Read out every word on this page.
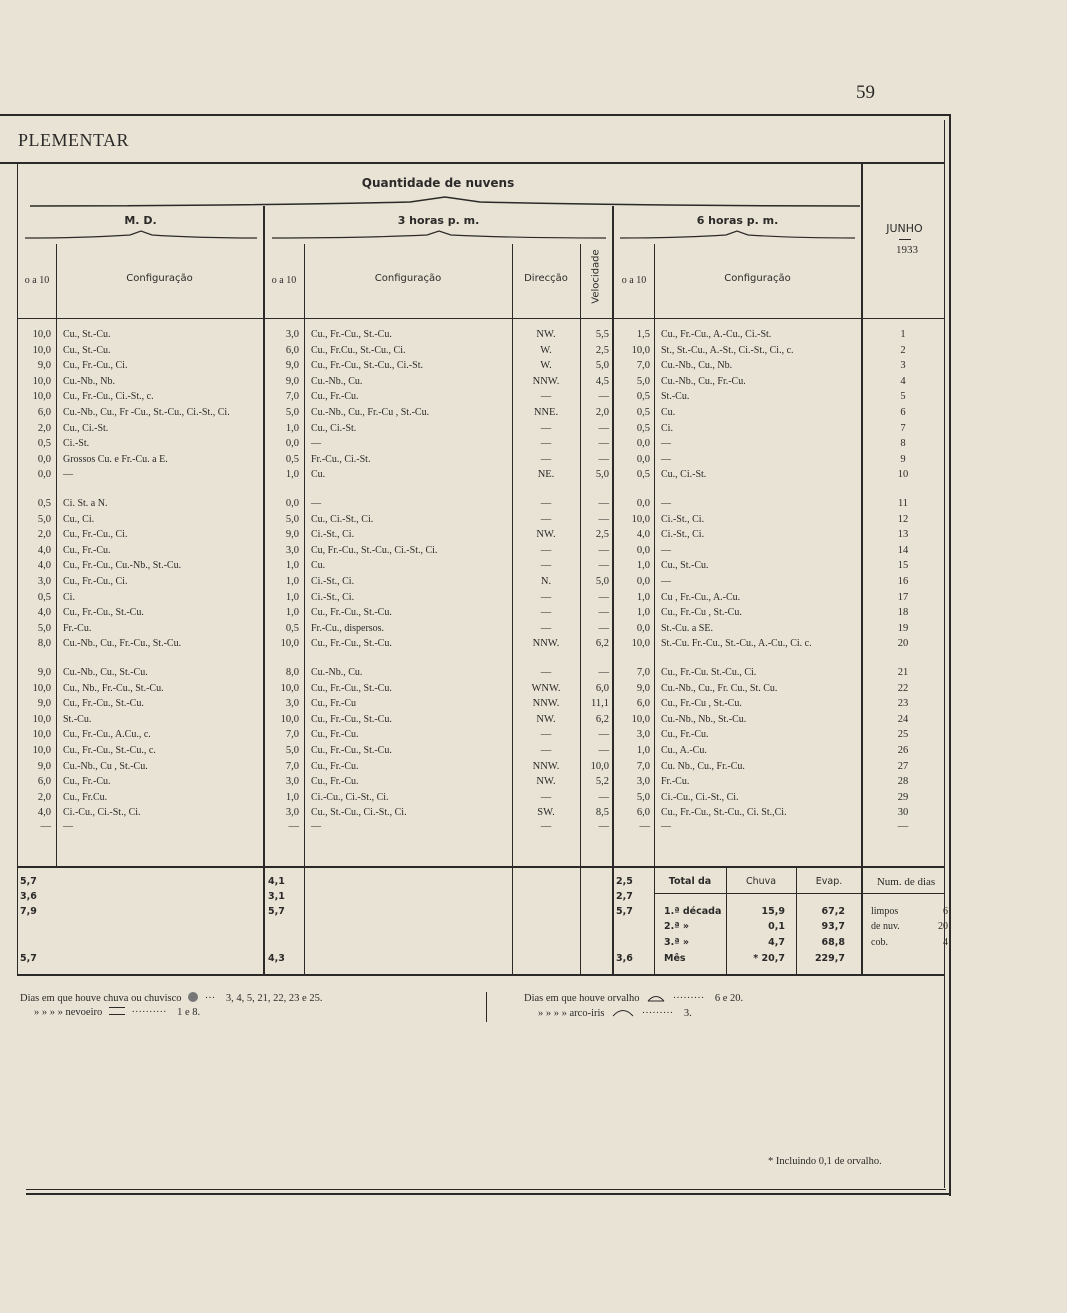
59
PLEMENTAR
Quantidade de nuvens
M. D.	3 horas p. m.	6 horas p. m.
JUNHO
1933
o a 10	Configuração	o a 10	Configuração	Direcção	Velocidade	o a 10	Configuração
10,0 Cu., St.-Cu.	3,0 Cu., Fr.-Cu., St.-Cu.	NW.	5,5	1,5 Cu., Fr.-Cu., A.-Cu., Ci.-St.	1
10,0 Cu., St.-Cu.	6,0 Cu., Fr.Cu., St.-Cu., Ci.	W.	2,5	10,0 St., St.-Cu., A.-St., Ci.-St., Ci., c.	2
9,0 Cu., Fr.-Cu., Ci.	9,0 Cu., Fr.-Cu., St.-Cu., Ci.-St.	W.	5,0	7,0 Cu.-Nb., Cu., Nb.	3
10,0 Cu.-Nb., Nb.	9,0 Cu.-Nb., Cu.	NNW.	4,5	5,0 Cu.-Nb., Cu., Fr.-Cu.	4
10,0 Cu., Fr.-Cu., Ci.-St., c.	7,0 Cu., Fr.-Cu.	—	—	0,5 St.-Cu.	5
6,0 Cu.-Nb., Cu., Fr -Cu., St.-Cu., Ci.-St., Ci.	5,0 Cu.-Nb., Cu., Fr.-Cu , St.-Cu.	NNE.	2,0	0,5 Cu.	6
2,0 Cu., Ci.-St.	1,0 Cu., Ci.-St.	—	—	0,5 Ci.	7
0,5 Ci.-St.	0,0 —	—	—	0,0 —	8
0,0 Grossos Cu. e Fr.-Cu. a E.	0,5 Fr.-Cu., Ci.-St.	—	—	0,0 —	9
0,0 —	1,0 Cu.	NE.	5,0	0,5 Cu., Ci.-St.	10
0,5 Ci. St. a N.	0,0 —	—	—	0,0 —	11
5,0 Cu., Ci.	5,0 Cu., Ci.-St., Ci.	—	—	10,0 Ci.-St., Ci.	12
2,0 Cu., Fr.-Cu., Ci.	9,0 Ci.-St., Ci.	NW.	2,5	4,0 Ci.-St., Ci.	13
4,0 Cu., Fr.-Cu.	3,0 Cu, Fr.-Cu., St.-Cu., Ci.-St., Ci.	—	—	0,0 —	14
4,0 Cu., Fr.-Cu., Cu.-Nb., St.-Cu.	1,0 Cu.	—	—	1,0 Cu., St.-Cu.	15
3,0 Cu., Fr.-Cu., Ci.	1,0 Ci.-St., Ci.	N.	5,0	0,0 —	16
0,5 Ci.	1,0 Ci.-St., Ci.	—	—	1,0 Cu , Fr.-Cu., A.-Cu.	17
4,0 Cu., Fr.-Cu., St.-Cu.	1,0 Cu., Fr.-Cu., St.-Cu.	—	—	1,0 Cu., Fr.-Cu , St.-Cu.	18
5,0 Fr.-Cu.	0,5 Fr.-Cu., dispersos.	—	—	0,0 St.-Cu. a SE.	19
8,0 Cu.-Nb., Cu., Fr.-Cu., St.-Cu.	10,0 Cu., Fr.-Cu., St.-Cu.	NNW.	6,2	10,0 St.-Cu. Fr.-Cu., St.-Cu., A.-Cu., Ci. c.	20
9,0 Cu.-Nb., Cu., St.-Cu.	8,0 Cu.-Nb., Cu.	—	—	7,0 Cu., Fr.-Cu. St.-Cu., Ci.	21
10,0 Cu., Nb., Fr.-Cu., St.-Cu.	10,0 Cu., Fr.-Cu., St.-Cu.	WNW.	6,0	9,0 Cu.-Nb., Cu., Fr. Cu., St. Cu.	22
9,0 Cu., Fr.-Cu., St.-Cu.	3,0 Cu., Fr.-Cu	NNW.	11,1	6,0 Cu., Fr.-Cu , St.-Cu.	23
10,0 St.-Cu.	10,0 Cu., Fr.-Cu., St.-Cu.	NW.	6,2	10,0 Cu.-Nb., Nb., St.-Cu.	24
10,0 Cu., Fr.-Cu., A.Cu., c.	7,0 Cu., Fr.-Cu.	—	—	3,0 Cu., Fr.-Cu.	25
10,0 Cu., Fr.-Cu., St.-Cu., c.	5,0 Cu., Fr.-Cu., St.-Cu.	—	—	1,0 Cu., A.-Cu.	26
9,0 Cu.-Nb., Cu , St.-Cu.	7,0 Cu., Fr.-Cu.	NNW.	10,0	7,0 Cu. Nb., Cu., Fr.-Cu.	27
6,0 Cu., Fr.-Cu.	3,0 Cu., Fr.-Cu.	NW.	5,2	3,0 Fr.-Cu.	28
2,0 Cu., Fr.Cu.	1,0 Ci.-Cu., Ci.-St., Ci.	—	—	5,0 Ci.-Cu., Ci.-St., Ci.	29
4,0 Ci.-Cu., Ci.-St., Ci.	3,0 Cu., St.-Cu., Ci.-St., Ci.	SW.	8,5	6,0 Cu., Fr.-Cu., St.-Cu., Ci. St.,Ci.	30
— —	— —	—	—	— —	—
5,7	4,1	2,5
3,6	3,1	2,7
7,9	5,7	5,7
5,7	4,3	3,6
1.ª década	15,9	67,2
2.ª »	0,1	93,7
3.ª »	4,7	68,8
Mês	* 20,7	229,7
limpos	6
de nuv.	20
cob.	4
Total da	Chuva	Evap.	Num. de dias
Dias em que houve chuva ou chuvisco ··· 3, 4, 5, 21, 22, 23 e 25.
» » » » nevoeiro	·········· 1 e 8.
Dias em que houve orvalho	········· 6 e 20.
» » » » arco-iris	········· 3.
* Incluindo 0,1 de orvalho.
